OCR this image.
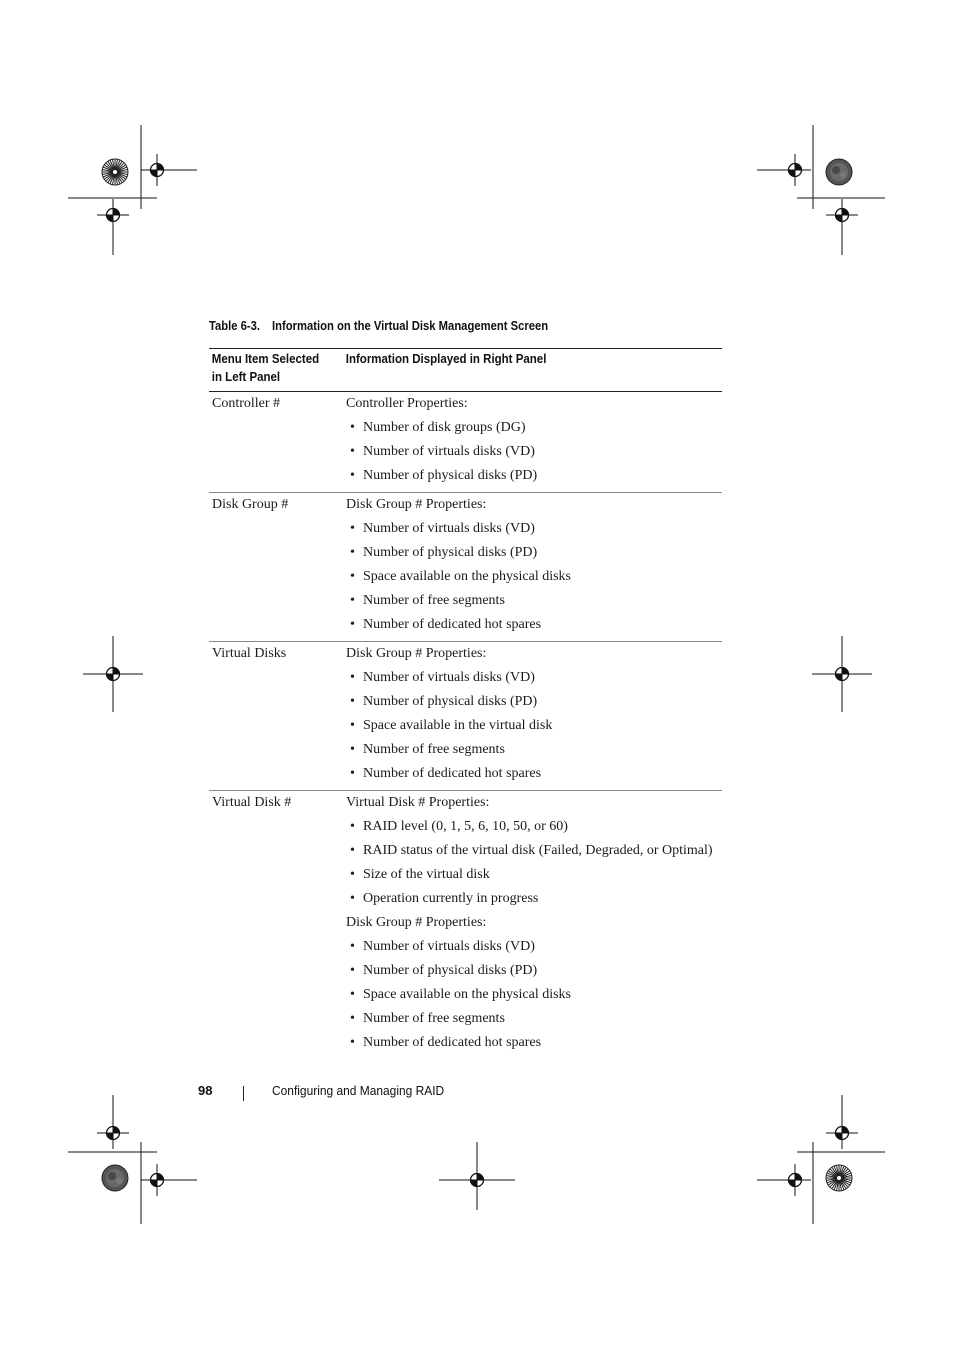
Table 6-3. Information on the Virtual Disk Management Screen
Menu Item Selected in Left Panel
Information Displayed in Right Panel
Controller #	Controller Properties:
• Number of disk groups (DG)
• Number of virtuals disks (VD)
• Number of physical disks (PD)
Disk Group #	Disk Group # Properties:
• Number of virtuals disks (VD)
• Number of physical disks (PD)
• Space available on the physical disks
• Number of free segments
• Number of dedicated hot spares
Virtual Disks	Disk Group # Properties:
• Number of virtuals disks (VD)
• Number of physical disks (PD)
• Space available in the virtual disk
• Number of free segments
• Number of dedicated hot spares
Virtual Disk #	Virtual Disk # Properties:
• RAID level (0, 1, 5, 6, 10, 50, or 60)
• RAID status of the virtual disk (Failed, Degraded, or Optimal)
• Size of the virtual disk
• Operation currently in progress
Disk Group # Properties:
• Number of virtuals disks (VD)
• Number of physical disks (PD)
• Space available on the physical disks
• Number of free segments
• Number of dedicated hot spares
98	Configuring and Managing RAID
